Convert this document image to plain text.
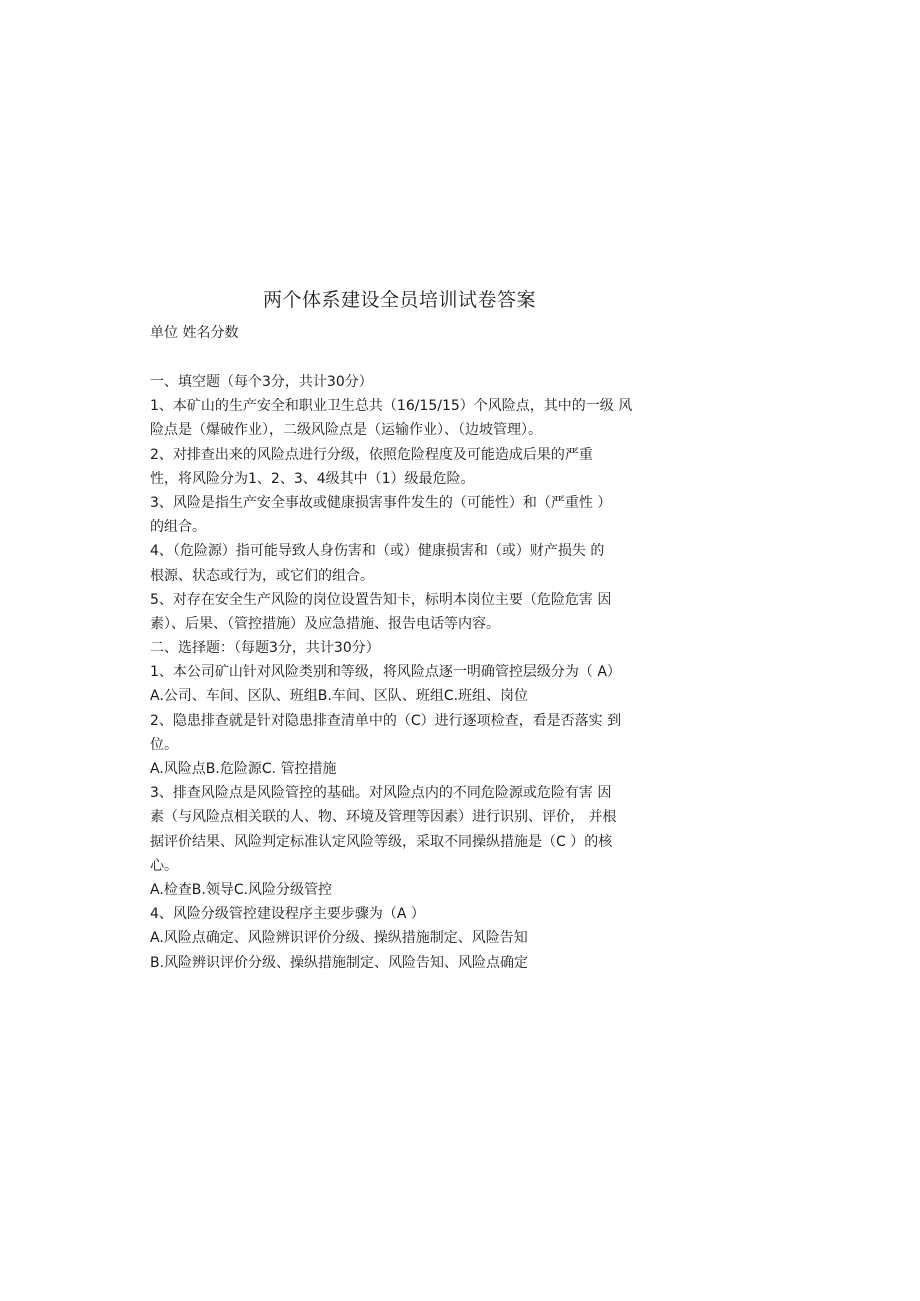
两个体系建设全员培训试卷答案
单位 姓名分数
一、填空题（每个3分，共计30分）
1、本矿山的生产安全和职业卫生总共（16/15/15）个风险点，其中的一级 风
险点是（爆破作业），二级风险点是（运输作业）、（边坡管理）。
2、对排查出来的风险点进行分级，依照危险程度及可能造成后果的严重
性，将风险分为1、2、3、4级其中（1）级最危险。
3、风险是指生产安全事故或健康损害事件发生的（可能性）和（严重性 ）
的组合。
4、（危险源）指可能导致人身伤害和（或）健康损害和（或）财产损失 的
根源、状态或行为，或它们的组合。
5、对存在安全生产风险的岗位设置告知卡，标明本岗位主要（危险危害 因
素）、后果、（管控措施）及应急措施、报告电话等内容。
二、选择题：（每题3分，共计30分）
1、本公司矿山针对风险类别和等级，将风险点逐一明确管控层级分为（ A）
A.公司、车间、区队、班组B.车间、区队、班组C.班组、岗位
2、隐患排查就是针对隐患排查清单中的（C）进行逐项检查，看是否落实 到
位。
A.风险点B.危险源C. 管控措施
3、排查风险点是风险管控的基础。对风险点内的不同危险源或危险有害 因
素（与风险点相关联的人、物、环境及管理等因素）进行识别、评价， 并根
据评价结果、风险判定标准认定风险等级，采取不同操纵措施是（C ）的核
心。
A.检查B.领导C.风险分级管控
4、风险分级管控建设程序主要步骤为（A ）
A.风险点确定、风险辨识评价分级、操纵措施制定、风险告知
B.风险辨识评价分级、操纵措施制定、风险告知、风险点确定
